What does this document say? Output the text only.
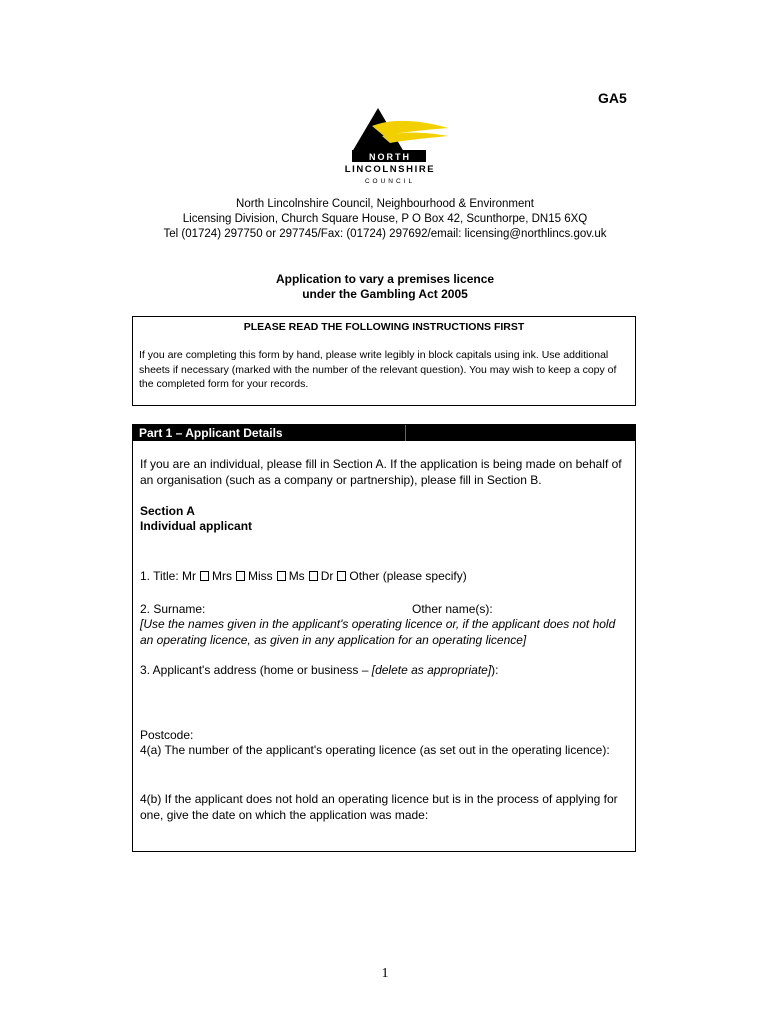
GA5
NORTH
LINCOLNSHIRE
COUNCIL
North Lincolnshire Council, Neighbourhood & Environment
Licensing Division, Church Square House, P O Box 42, Scunthorpe, DN15 6XQ
Tel (01724) 297750 or 297745/Fax: (01724) 297692/email: licensing@northlincs.gov.uk
Application to vary a premises licence
under the Gambling Act 2005
PLEASE READ THE FOLLOWING INSTRUCTIONS FIRST
If you are completing this form by hand, please write legibly in block capitals using ink. Use additional sheets if necessary (marked with the number of the relevant question). You may wish to keep a copy of the completed form for your records.
Part 1 – Applicant Details
If you are an individual, please fill in Section A. If the application is being made on behalf of an organisation (such as a company or partnership), please fill in Section B.
Section A
Individual applicant
1. Title: Mr Mrs Miss Ms Dr Other (please specify)
2. Surname:	Other name(s):
[Use the names given in the applicant's operating licence or, if the applicant does not hold an operating licence, as given in any application for an operating licence]
3. Applicant's address (home or business – [delete as appropriate]):
Postcode:
4(a) The number of the applicant's operating licence (as set out in the operating licence):
4(b) If the applicant does not hold an operating licence but is in the process of applying for one, give the date on which the application was made:
1
